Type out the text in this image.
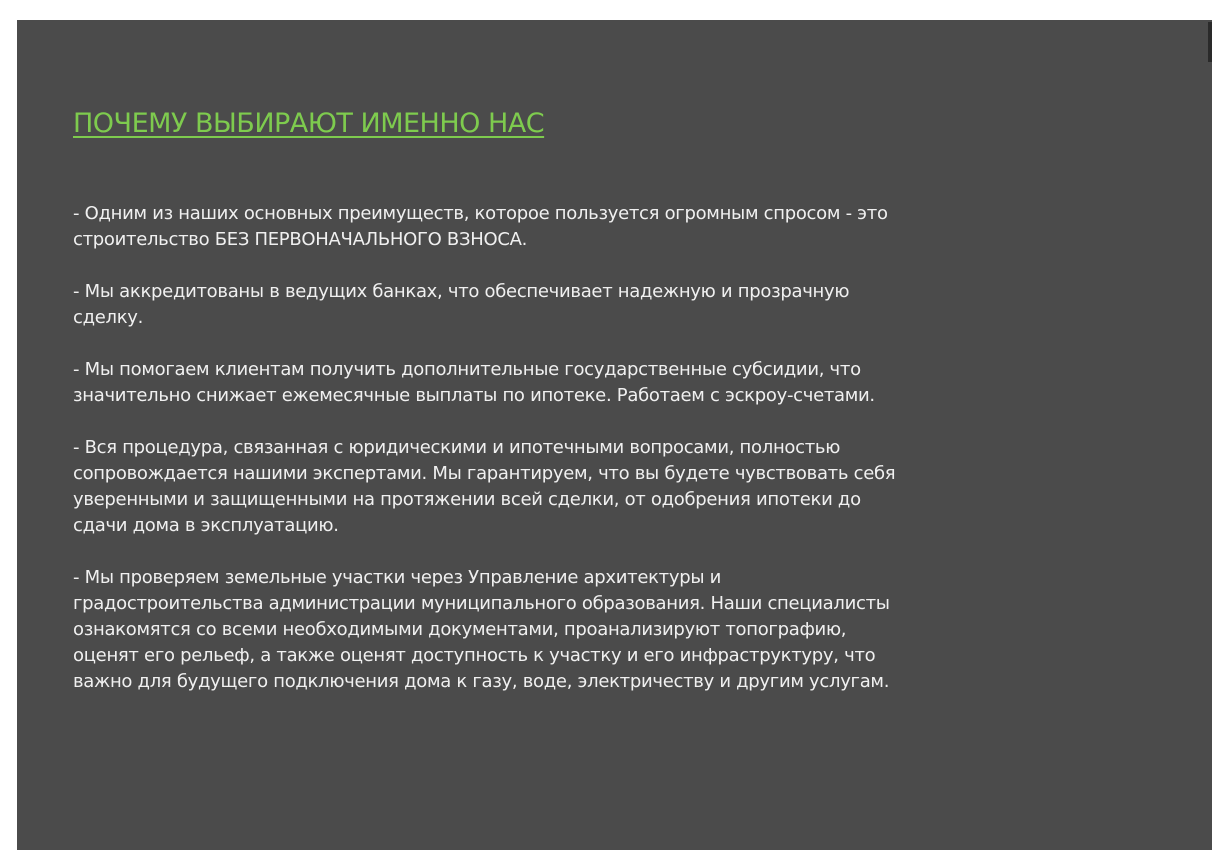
ПОЧЕМУ ВЫБИРАЮТ ИМЕННО НАС

- Одним из наших основных преимуществ, которое пользуется огромным спросом - это
строительство БЕЗ ПЕРВОНАЧАЛЬНОГО ВЗНОСА.

- Мы аккредитованы в ведущих банках, что обеспечивает надежную и прозрачную
сделку.

- Мы помогаем клиентам получить дополнительные государственные субсидии, что
значительно снижает ежемесячные выплаты по ипотеке. Работаем с эскроу-счетами.

- Вся процедура, связанная с юридическими и ипотечными вопросами, полностью
сопровождается нашими экспертами. Мы гарантируем, что вы будете чувствовать себя
уверенными и защищенными на протяжении всей сделки, от одобрения ипотеки до
сдачи дома в эксплуатацию.

- Мы проверяем земельные участки через Управление архитектуры и
градостроительства администрации муниципального образования. Наши специалисты
ознакомятся со всеми необходимыми документами, проанализируют топографию,
оценят его рельеф, а также оценят доступность к участку и его инфраструктуру, что
важно для будущего подключения дома к газу, воде, электричеству и другим услугам.
